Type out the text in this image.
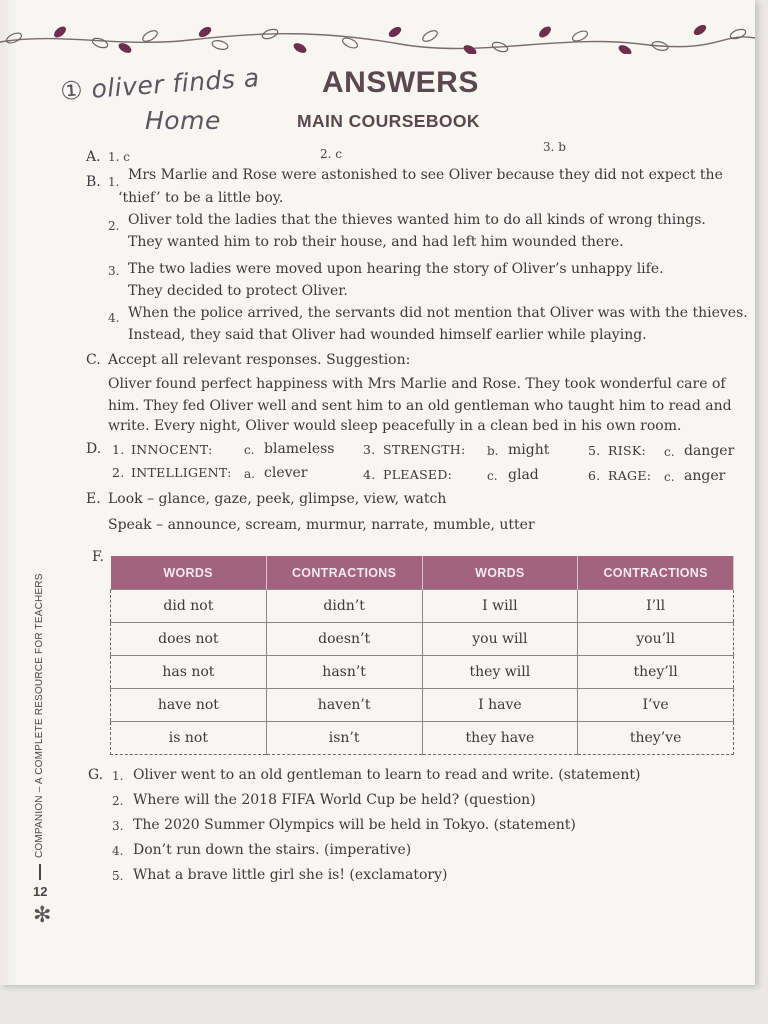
① oliver finds a
Home
ANSWERS
MAIN COURSEBOOK
A. 1. c	2. c	3. b
B. 1. Mrs Marlie and Rose were astonished to see Oliver because they did not expect the
‘thief’ to be a little boy.
2. Oliver told the ladies that the thieves wanted him to do all kinds of wrong things.
They wanted him to rob their house, and had left him wounded there.
3. The two ladies were moved upon hearing the story of Oliver’s unhappy life.
They decided to protect Oliver.
4. When the police arrived, the servants did not mention that Oliver was with the thieves.
Instead, they said that Oliver had wounded himself earlier while playing.
C. Accept all relevant responses. Suggestion:
Oliver found perfect happiness with Mrs Marlie and Rose. They took wonderful care of
him. They fed Oliver well and sent him to an old gentleman who taught him to read and
write. Every night, Oliver would sleep peacefully in a clean bed in his own room.
D. 1. INNOCENT:	c. blameless 3. STRENGTH: b. might	5. RISK: c. danger
2. INTELLIGENT: a. clever	4. PLEASED:	c. glad	6. RAGE: c. anger
E. Look – glance, gaze, peek, glimpse, view, watch
Speak – announce, scream, murmur, narrate, mumble, utter
F.
WORDS	CONTRACTIONS	WORDS	CONTRACTIONS
did not	didn’t	I will	I’ll
does not	doesn’t	you will	you’ll
has not	hasn’t	they will	they’ll
have not	haven’t	I have	I’ve
is not	isn’t	they have	they’ve
G. 1. Oliver went to an old gentleman to learn to read and write. (statement)
2. Where will the 2018 FIFA World Cup be held? (question)
3. The 2020 Summer Olympics will be held in Tokyo. (statement)
4. Don’t run down the stairs. (imperative)
5. What a brave little girl she is! (exclamatory)
COMPANION – A COMPLETE RESOURCE FOR TEACHERS
12
✻
